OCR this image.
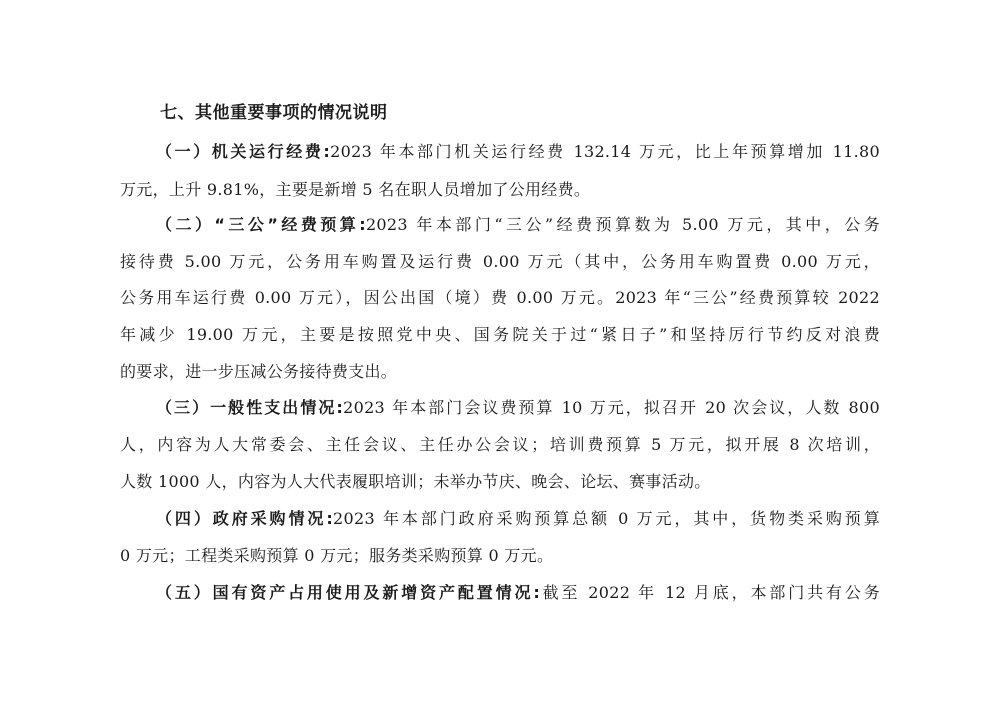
七、其他重要事项的情况说明
（一）机关运行经费:2023 年本部门机关运行经费 132.14 万元，比上年预算增加 11.80
万元，上升 9.81%，主要是新增 5 名在职人员增加了公用经费。
（二）“三公”经费预算:2023 年本部门“三公”经费预算数为 5.00 万元，其中，公务
接待费 5.00 万元，公务用车购置及运行费 0.00 万元（其中，公务用车购置费 0.00 万元，
公务用车运行费 0.00 万元），因公出国（境）费 0.00 万元。2023 年“三公”经费预算较 2022
年减少 19.00 万元，主要是按照党中央、国务院关于过“紧日子”和坚持厉行节约反对浪费
的要求，进一步压减公务接待费支出。
（三）一般性支出情况:2023 年本部门会议费预算 10 万元，拟召开 20 次会议，人数 800
人，内容为人大常委会、主任会议、主任办公会议；培训费预算 5 万元，拟开展 8 次培训，
人数 1000 人，内容为人大代表履职培训；未举办节庆、晚会、论坛、赛事活动。
（四）政府采购情况:2023 年本部门政府采购预算总额 0 万元，其中，货物类采购预算
0 万元；工程类采购预算 0 万元；服务类采购预算 0 万元。
（五）国有资产占用使用及新增资产配置情况:截至 2022 年 12 月底，本部门共有公务
